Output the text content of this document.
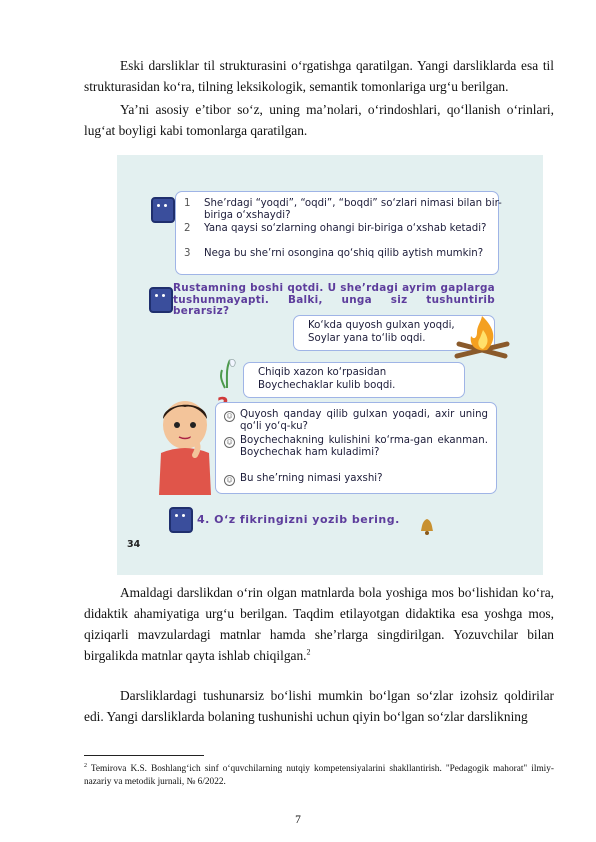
Eski darsliklar til strukturasini o‘rgatishga qaratilgan. Yangi darsliklarda esa til strukturasidan ko‘ra, tilning leksikologik, semantik tomonlariga urg‘u berilgan.

Ya’ni asosiy e’tibor so‘z, uning ma’nolari, o‘rindoshlari, qo‘llanish o‘rinlari, lug‘at boyligi kabi tomonlarga qaratilgan.

1 She’rdagi “yoqdi”, “oqdi”, “boqdi” so‘zlari nimasi bilan bir-biriga o‘xshaydi?
2 Yana qaysi so‘zlarning ohangi bir-biriga o‘xshab ketadi?
3 Nega bu she’rni osongina qo‘shiq qilib aytish mumkin?
Rustamning boshi qotdi. U she’rdagi ayrim gaplarga tushunmayapti. Balki, unga siz tushuntirib berarsiz?
Ko‘kda quyosh gulxan yoqdi,
Soylar yana to‘lib oqdi.
Chiqib xazon ko‘rpasidan
Boychechaklar kulib boqdi.
☺ Quyosh qanday qilib gulxan yoqadi, axir uning qo‘li yo‘q-ku?
☺ Boychechakning kulishini ko‘rma-gan ekanman. Boychechak ham kuladimi?
☺ Bu she’rning nimasi yaxshi?
4. O‘z fikringizni yozib bering.
34

Amaldagi darslikdan o‘rin olgan matnlarda bola yoshiga mos bo‘lishidan ko‘ra, didaktik ahamiyatiga urg‘u berilgan. Taqdim etilayotgan didaktika esa yoshga mos, qiziqarli mavzulardagi matnlar hamda she’rlarga singdirilgan. Yozuvchilar bilan birgalikda matnlar qayta ishlab chiqilgan.$^2$

Darsliklardagi tushunarsiz bo‘lishi mumkin bo‘lgan so‘zlar izohsiz qoldirilar edi. Yangi darsliklarda bolaning tushunishi uchun qiyin bo‘lgan so‘zlar darslikning

$^2$ Temirova K.S. Boshlang‘ich sinf o‘quvchilarning nutqiy kompetensiyalarini shakllantirish. "Pedagogik mahorat" ilmiy-nazariy va metodik jurnali, № 6/2022.

7
